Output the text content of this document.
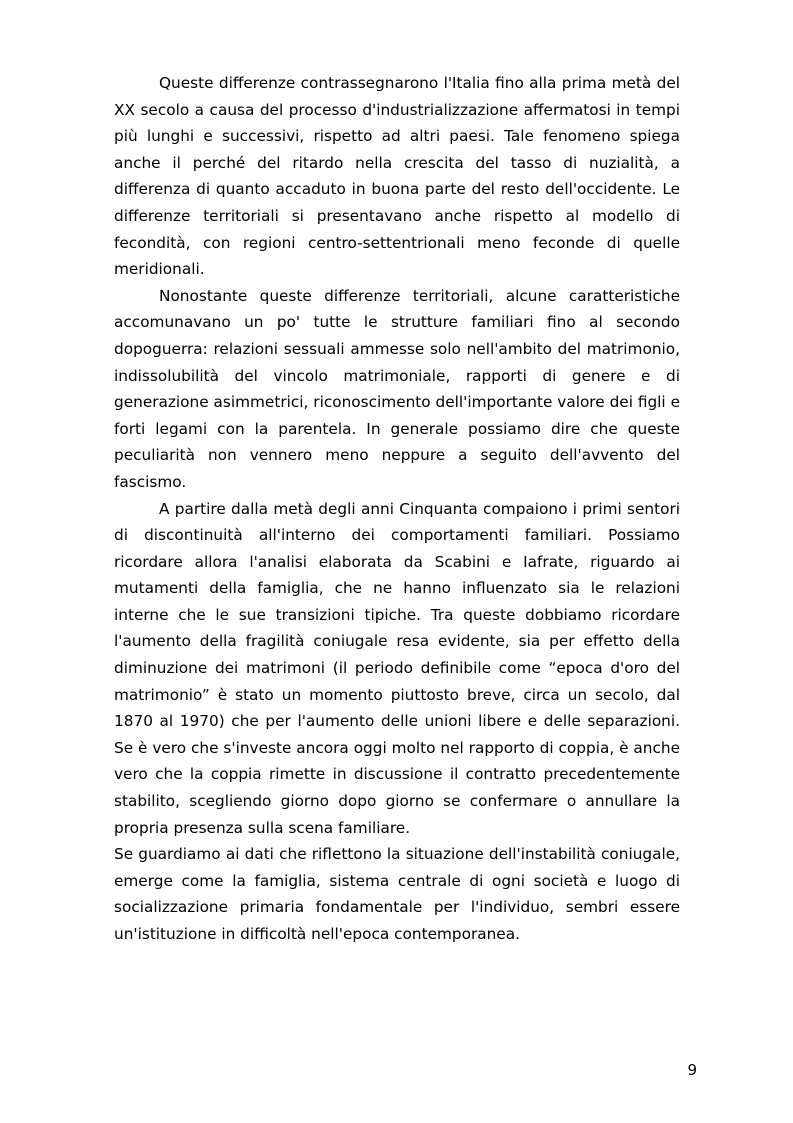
Queste differenze contrassegnarono l'Italia fino alla prima metà del XX secolo a causa del processo d'industrializzazione affermatosi in tempi più lunghi e successivi, rispetto ad altri paesi. Tale fenomeno spiega anche il perché del ritardo nella crescita del tasso di nuzialità, a differenza di quanto accaduto in buona parte del resto dell'occidente. Le differenze territoriali si presentavano anche rispetto al modello di fecondità, con regioni centro-settentrionali meno feconde di quelle meridionali.

Nonostante queste differenze territoriali, alcune caratteristiche accomunavano un po' tutte le strutture familiari fino al secondo dopoguerra: relazioni sessuali ammesse solo nell'ambito del matrimonio, indissolubilità del vincolo matrimoniale, rapporti di genere e di generazione asimmetrici, riconoscimento dell'importante valore dei figli e forti legami con la parentela. In generale possiamo dire che queste peculiarità non vennero meno neppure a seguito dell'avvento del fascismo.

A partire dalla metà degli anni Cinquanta compaiono i primi sentori di discontinuità all'interno dei comportamenti familiari. Possiamo ricordare allora l'analisi elaborata da Scabini e Iafrate, riguardo ai mutamenti della famiglia, che ne hanno influenzato sia le relazioni interne che le sue transizioni tipiche. Tra queste dobbiamo ricordare l'aumento della fragilità coniugale resa evidente, sia per effetto della diminuzione dei matrimoni (il periodo definibile come “epoca d'oro del matrimonio” è stato un momento piuttosto breve, circa un secolo, dal 1870 al 1970) che per l'aumento delle unioni libere e delle separazioni. Se è vero che s'investe ancora oggi molto nel rapporto di coppia, è anche vero che la coppia rimette in discussione il contratto precedentemente stabilito, scegliendo giorno dopo giorno se confermare o annullare la propria presenza sulla scena familiare.

Se guardiamo ai dati che riflettono la situazione dell'instabilità coniugale, emerge come la famiglia, sistema centrale di ogni società e luogo di socializzazione primaria fondamentale per l'individuo, sembri essere un'istituzione in difficoltà nell'epoca contemporanea.

9
